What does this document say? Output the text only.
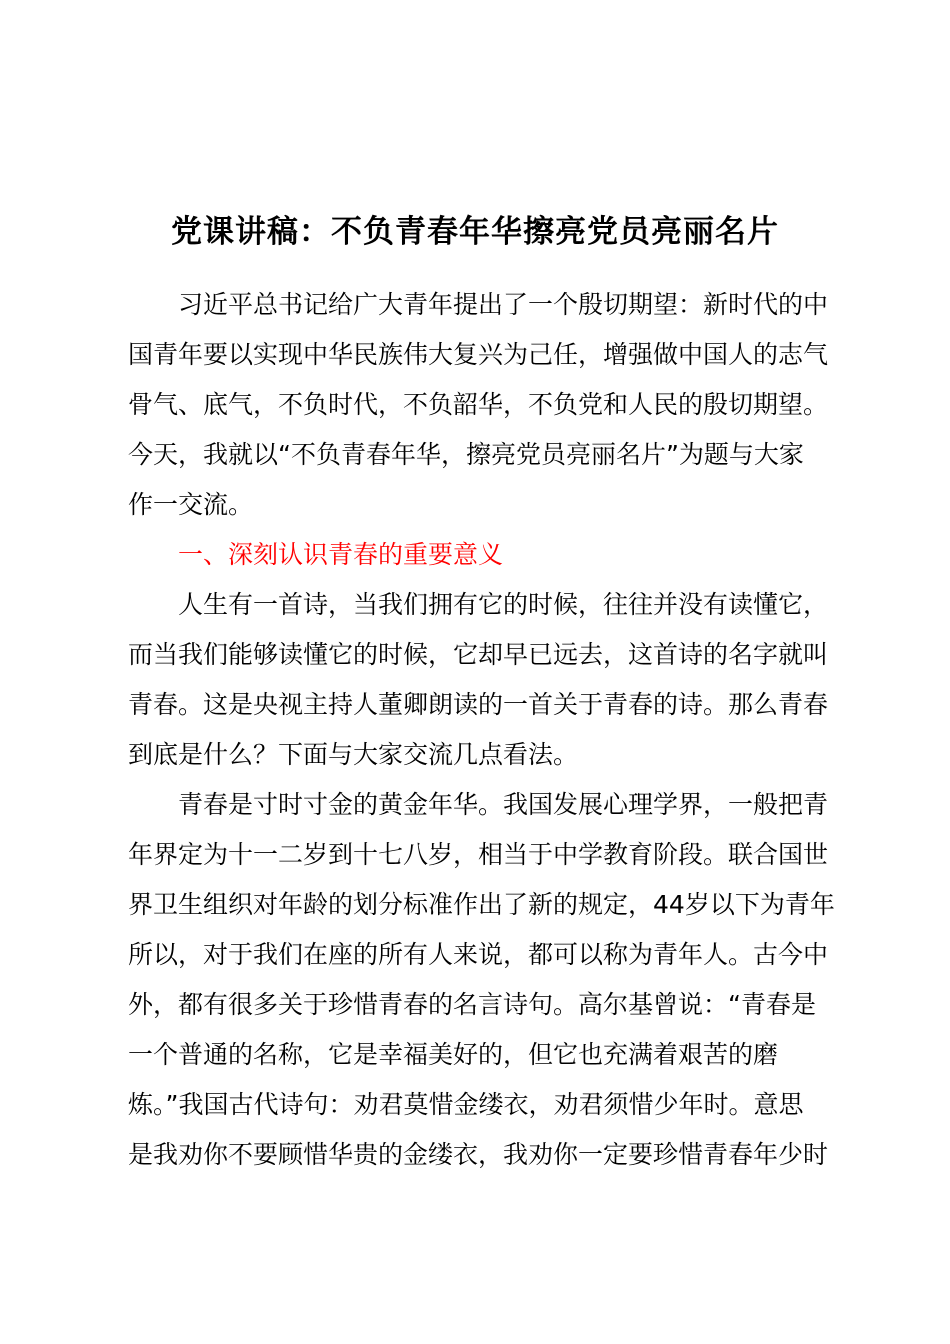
党课讲稿：不负青春年华擦亮党员亮丽名片
　　习近平总书记给广大青年提出了一个殷切期望：新时代的中
国青年要以实现中华民族伟大复兴为己任，增强做中国人的志气
骨气、底气，不负时代，不负韶华，不负党和人民的殷切期望。
今天，我就以“不负青春年华，擦亮党员亮丽名片”为题与大家
作一交流。
　　一、深刻认识青春的重要意义
　　人生有一首诗，当我们拥有它的时候，往往并没有读懂它，
而当我们能够读懂它的时候，它却早已远去，这首诗的名字就叫
青春。这是央视主持人董卿朗读的一首关于青春的诗。那么青春
到底是什么？下面与大家交流几点看法。
　　青春是寸时寸金的黄金年华。我国发展心理学界，一般把青
年界定为十一二岁到十七八岁，相当于中学教育阶段。联合国世
界卫生组织对年龄的划分标准作出了新的规定，44岁以下为青年
所以，对于我们在座的所有人来说，都可以称为青年人。古今中
外，都有很多关于珍惜青春的名言诗句。高尔基曾说：“青春是
一个普通的名称，它是幸福美好的，但它也充满着艰苦的磨
炼。”我国古代诗句：劝君莫惜金缕衣，劝君须惜少年时。意思
是我劝你不要顾惜华贵的金缕衣，我劝你一定要珍惜青春年少时
